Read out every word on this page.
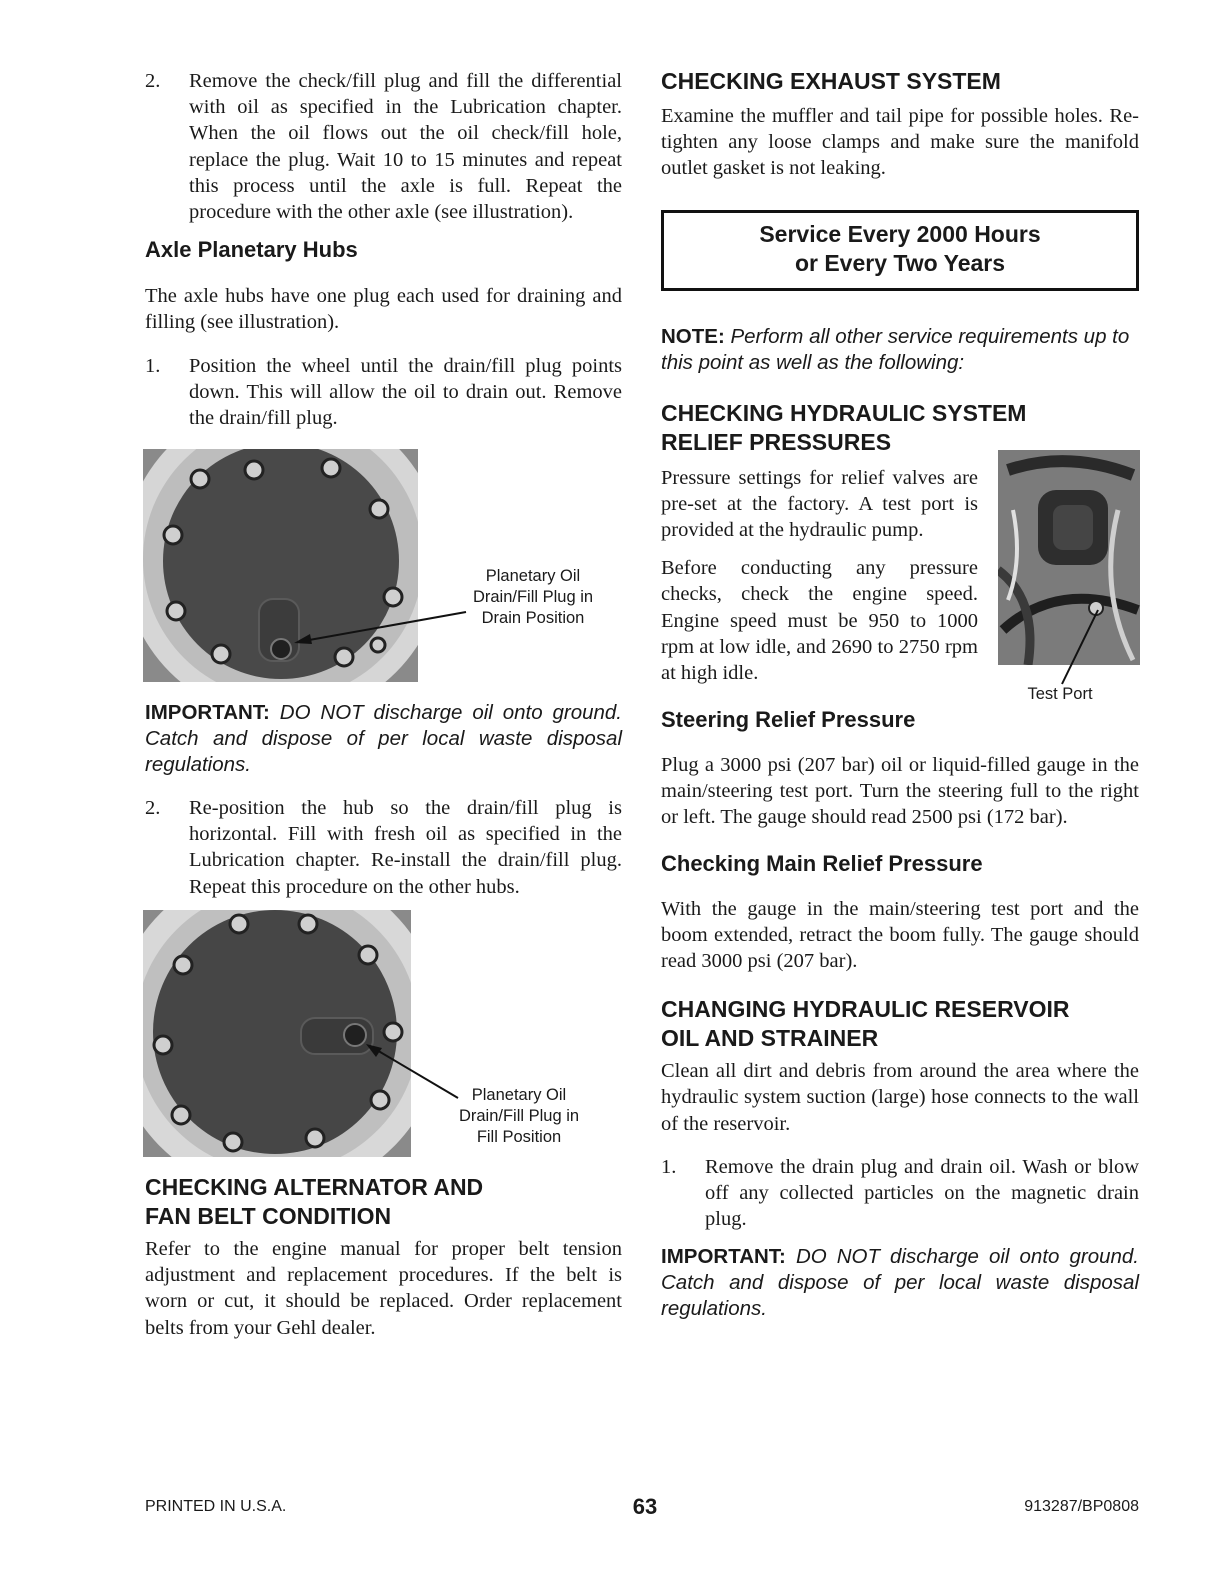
2. Remove the check/fill plug and fill the differential with oil as specified in the Lubrication chapter. When the oil flows out the oil check/fill hole, replace the plug. Wait 10 to 15 minutes and repeat this process until the axle is full. Repeat the procedure with the other axle (see illustration).
Axle Planetary Hubs

The axle hubs have one plug each used for draining and filling (see illustration).

1. Position the wheel until the drain/fill plug points down. This will allow the oil to drain out. Remove the drain/fill plug.
Planetary Oil
Drain/Fill Plug in
Drain Position
IMPORTANT: DO NOT discharge oil onto ground. Catch and dispose of per local waste disposal regulations.
2. Re-position the hub so the drain/fill plug is horizontal. Fill with fresh oil as specified in the Lubrication chapter. Re-install the drain/fill plug. Repeat this procedure on the other hubs.
Planetary Oil
Drain/Fill Plug in
Fill Position
CHECKING ALTERNATOR AND
FAN BELT CONDITION

Refer to the engine manual for proper belt tension adjustment and replacement procedures. If the belt is worn or cut, it should be replaced. Order replacement belts from your Gehl dealer.

CHECKING EXHAUST SYSTEM

Examine the muffler and tail pipe for possible holes. Re-tighten any loose clamps and make sure the manifold outlet gasket is not leaking.

Service Every 2000 Hours
or Every Two Years
NOTE: Perform all other service requirements up to this point as well as the following:
CHECKING HYDRAULIC SYSTEM
RELIEF PRESSURES

Pressure settings for relief valves are pre-set at the factory. A test port is provided at the hydraulic pump.

Before conducting any pressure checks, check the engine speed. Engine speed must be 950 to 1000 rpm at low idle, and 2690 to 2750 rpm at high idle.

Test Port
Steering Relief Pressure

Plug a 3000 psi (207 bar) oil or liquid-filled gauge in the main/steering test port. Turn the steering full to the right or left. The gauge should read 2500 psi (172 bar).

Checking Main Relief Pressure

With the gauge in the main/steering test port and the boom extended, retract the boom fully. The gauge should read 3000 psi (207 bar).

CHANGING HYDRAULIC RESERVOIR
OIL AND STRAINER

Clean all dirt and debris from around the area where the hydraulic system suction (large) hose connects to the wall of the reservoir.

1. Remove the drain plug and drain oil. Wash or blow off any collected particles on the magnetic drain plug.
IMPORTANT: DO NOT discharge oil onto ground. Catch and dispose of per local waste disposal regulations.
PRINTED IN U.S.A.	63	913287/BP0808
